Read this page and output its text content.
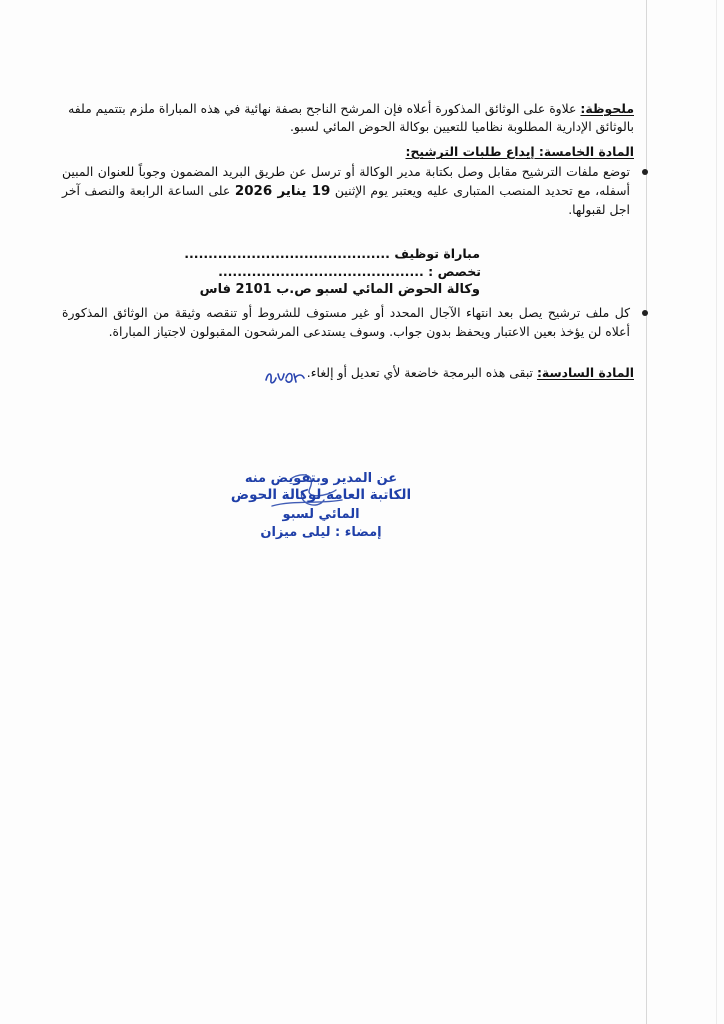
ملحوظة: علاوة على الوثائق المذكورة أعلاه فإن المرشح الناجح بصفة نهائية في هذه المباراة ملزم بتتميم ملفه
بالوثائق الإدارية المطلوبة نظاميا للتعيين بوكالة الحوض المائي لسبو.
المادة الخامسة: إيداع طلبات الترشيح:
توضع ملفات الترشيح مقابل وصل بكتابة مدير الوكالة أو ترسل عن طريق البريد المضمون وجوباً للعنوان المبين أسفله، مع تحديد المنصب المتبارى عليه ويعتبر يوم الإثنين 19 يناير 2026 على الساعة الرابعة والنصف آخر اجل لقبولها.
مباراة توظيف ...........................................
تخصص : ...........................................
وكالة الحوض المائي لسبو ص.ب 2101 فاس
كل ملف ترشيح يصل بعد انتهاء الآجال المحدد أو غير مستوف للشروط أو تنقصه وثيقة من الوثائق المذكورة أعلاه لن يؤخذ بعين الاعتبار ويحفظ بدون جواب. وسوف يستدعى المرشحون المقبولون لاجتياز المباراة.
المادة السادسة: تبقى هذه البرمجة خاضعة لأي تعديل أو إلغاء.
عن المدير وبتفويض منه
الكاتبة العامة لوكالة الحوض
المائي لسبو
إمضاء : ليلى ميزان
